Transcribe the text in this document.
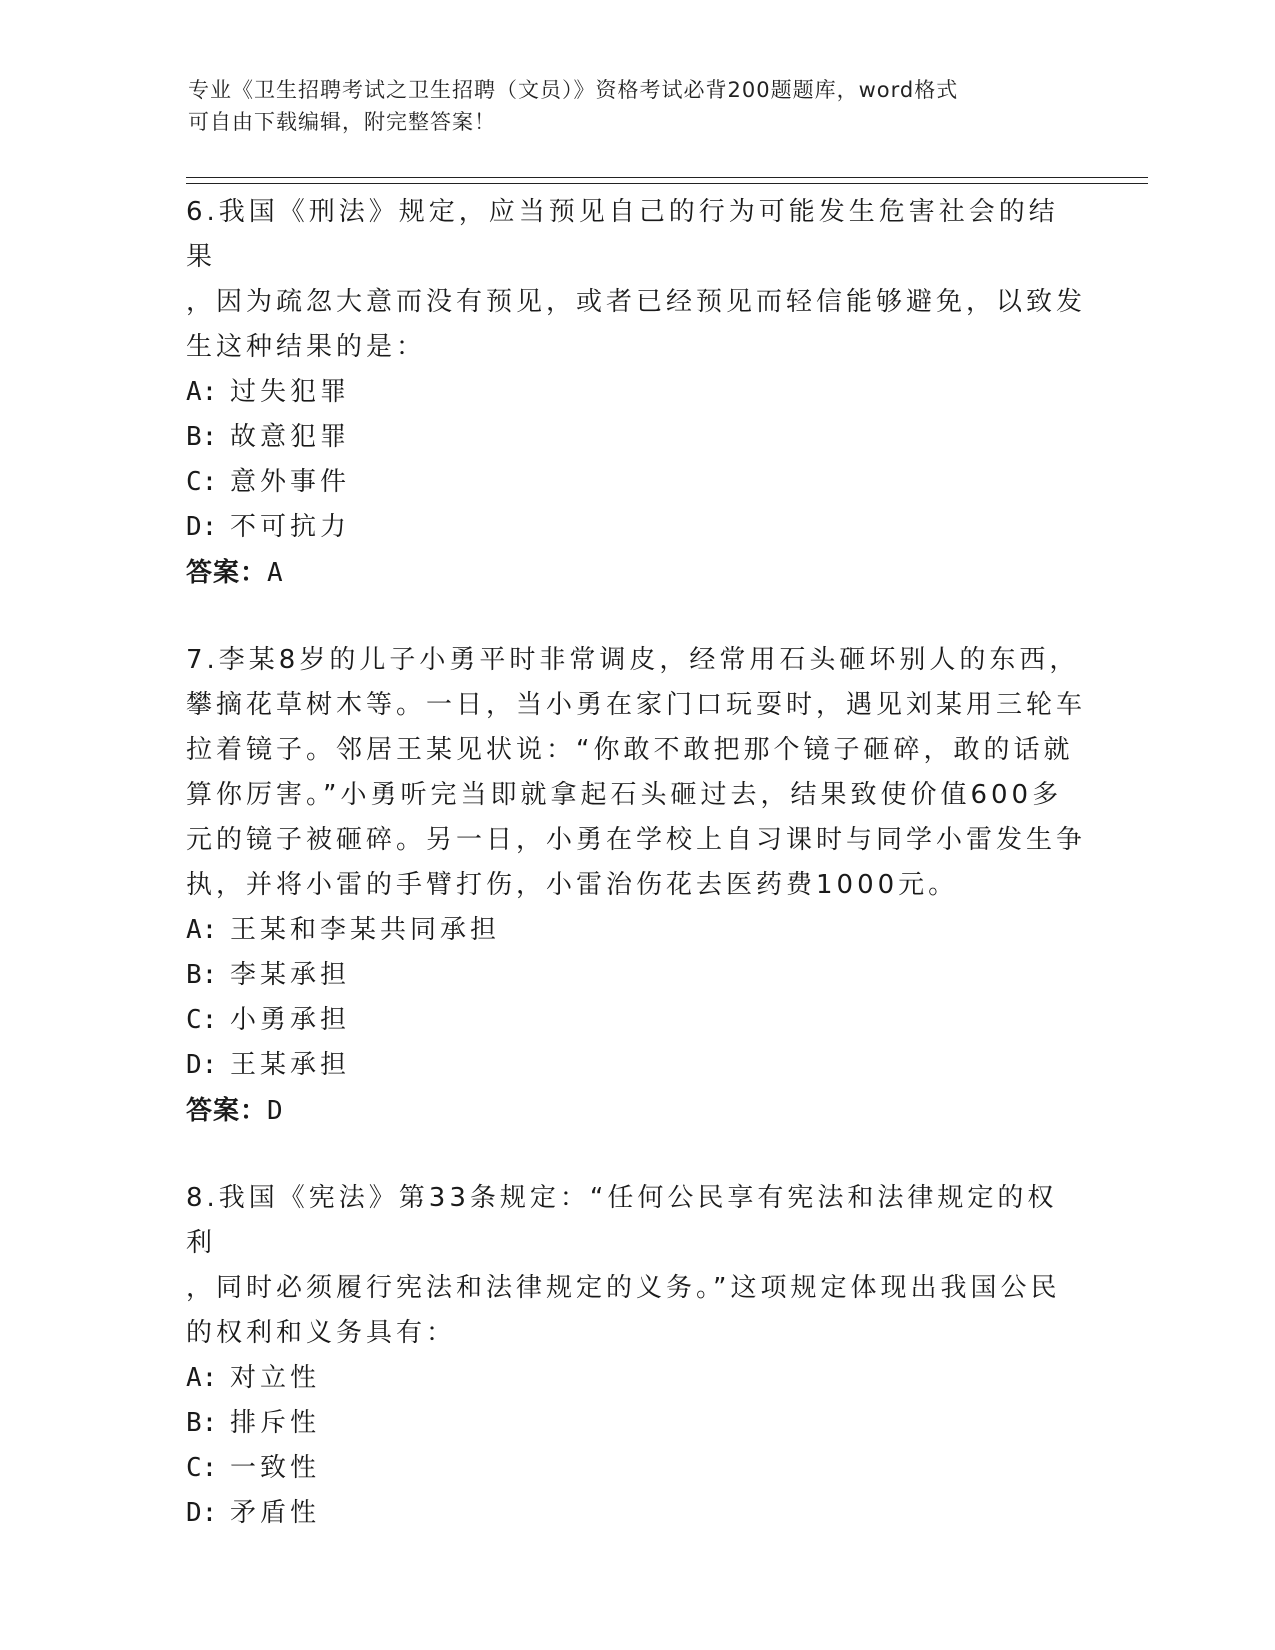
专业《卫生招聘考试之卫生招聘（文员）》资格考试必背200题题库，word格式
可自由下载编辑，附完整答案！

6.我国《刑法》规定，应当预见自己的行为可能发生危害社会的结果
，因为疏忽大意而没有预见，或者已经预见而轻信能够避免，以致发
生这种结果的是：

A: 过失犯罪
B: 故意犯罪
C: 意外事件
D: 不可抗力
答案：A

7.李某8岁的儿子小勇平时非常调皮，经常用石头砸坏别人的东西，
攀摘花草树木等。一日，当小勇在家门口玩耍时，遇见刘某用三轮车
拉着镜子。邻居王某见状说：“你敢不敢把那个镜子砸碎，敢的话就
算你厉害。”小勇听完当即就拿起石头砸过去，结果致使价值600多
元的镜子被砸碎。另一日，小勇在学校上自习课时与同学小雷发生争
执，并将小雷的手臂打伤，小雷治伤花去医药费1000元。

A: 王某和李某共同承担
B: 李某承担
C: 小勇承担
D: 王某承担
答案：D

8.我国《宪法》第33条规定：“任何公民享有宪法和法律规定的权利
，同时必须履行宪法和法律规定的义务。”这项规定体现出我国公民
的权利和义务具有：

A: 对立性
B: 排斥性
C: 一致性
D: 矛盾性
